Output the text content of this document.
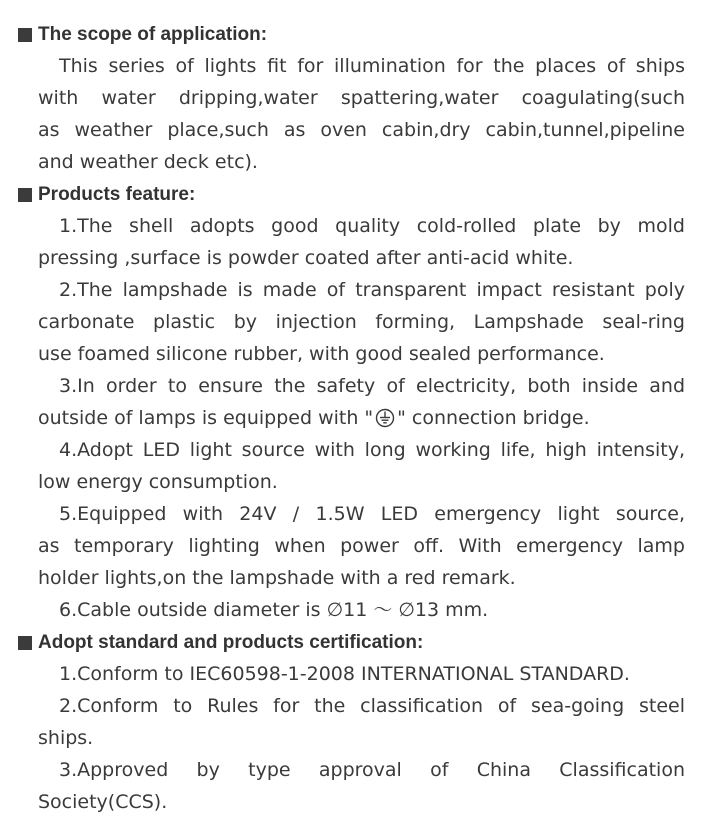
The scope of application:
This series of lights fit for illumination for the places of ships
with water dripping,water spattering,water coagulating(such
as weather place,such as oven cabin,dry cabin,tunnel,pipeline
and weather deck etc).
Products feature:
1.The shell adopts good quality cold-rolled plate by mold
pressing ,surface is powder coated after anti-acid white.
2.The lampshade is made of transparent impact resistant poly
carbonate plastic by injection forming, Lampshade seal-ring
use foamed silicone rubber, with good sealed performance.
3.In order to ensure the safety of electricity, both inside and
outside of lamps is equipped with " " connection bridge.
4.Adopt LED light source with long working life, high intensity,
low energy consumption.
5.Equipped with 24V / 1.5W LED emergency light source,
as temporary lighting when power off. With emergency lamp
holder lights,on the lampshade with a red remark.
6.Cable outside diameter is ∅11 ～ ∅13 mm.
Adopt standard and products certification:
1.Conform to IEC60598-1-2008 INTERNATIONAL STANDARD.
2.Conform to Rules for the classification of sea-going steel
ships.
3.Approved by type approval of China Classification
Society(CCS).
